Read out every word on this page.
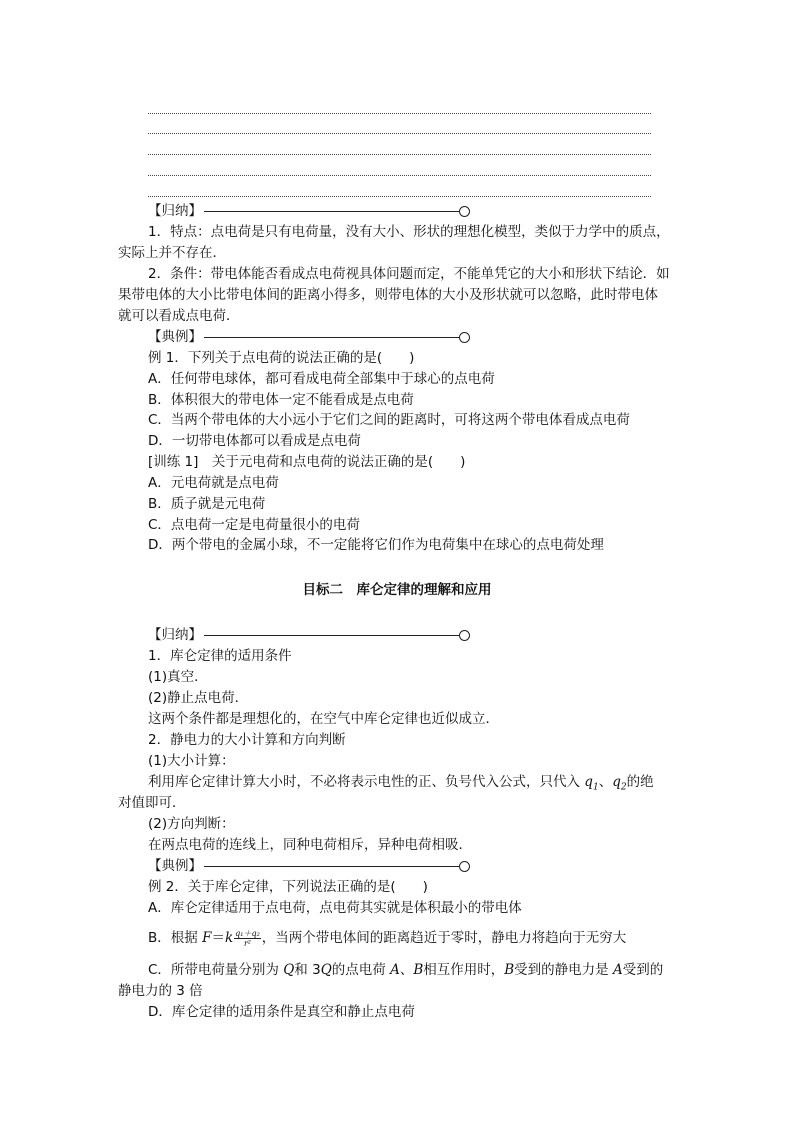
【归纳】
1．特点：点电荷是只有电荷量，没有大小、形状的理想化模型，类似于力学中的质点，
实际上并不存在．
2．条件：带电体能否看成点电荷视具体问题而定，不能单凭它的大小和形状下结论．如
果带电体的大小比带电体间的距离小得多，则带电体的大小及形状就可以忽略，此时带电体
就可以看成点电荷．
【典例】
例 1．下列关于点电荷的说法正确的是(　　)
A．任何带电球体，都可看成电荷全部集中于球心的点电荷
B．体积很大的带电体一定不能看成是点电荷
C．当两个带电体的大小远小于它们之间的距离时，可将这两个带电体看成点电荷
D．一切带电体都可以看成是点电荷
[训练 1]　关于元电荷和点电荷的说法正确的是(　　)
A．元电荷就是点电荷
B．质子就是元电荷
C．点电荷一定是电荷量很小的电荷
D．两个带电的金属小球，不一定能将它们作为电荷集中在球心的点电荷处理
目标二　库仑定律的理解和应用
【归纳】
1．库仑定律的适用条件
(1)真空．
(2)静止点电荷．
这两个条件都是理想化的，在空气中库仑定律也近似成立．
2．静电力的大小计算和方向判断
(1)大小计算：
利用库仑定律计算大小时，不必将表示电性的正、负号代入公式，只代入 $q_1$、$q_2$的绝
对值即可．
(2)方向判断：
在两点电荷的连线上，同种电荷相斥，异种电荷相吸．
【典例】
例 2．关于库仑定律，下列说法正确的是(　　)
A．库仑定律适用于点电荷，点电荷其实就是体积最小的带电体
B．根据 $F=k \frac{\text{q₁＋q₂}}{\text{r²}}$ ，当两个带电体间的距离趋近于零时，静电力将趋向于无穷大
C．所带电荷量分别为 Q和 3Q的点电荷 A、B相互作用时，B受到的静电力是 A受到的
静电力的 3 倍
D．库仑定律的适用条件是真空和静止点电荷
